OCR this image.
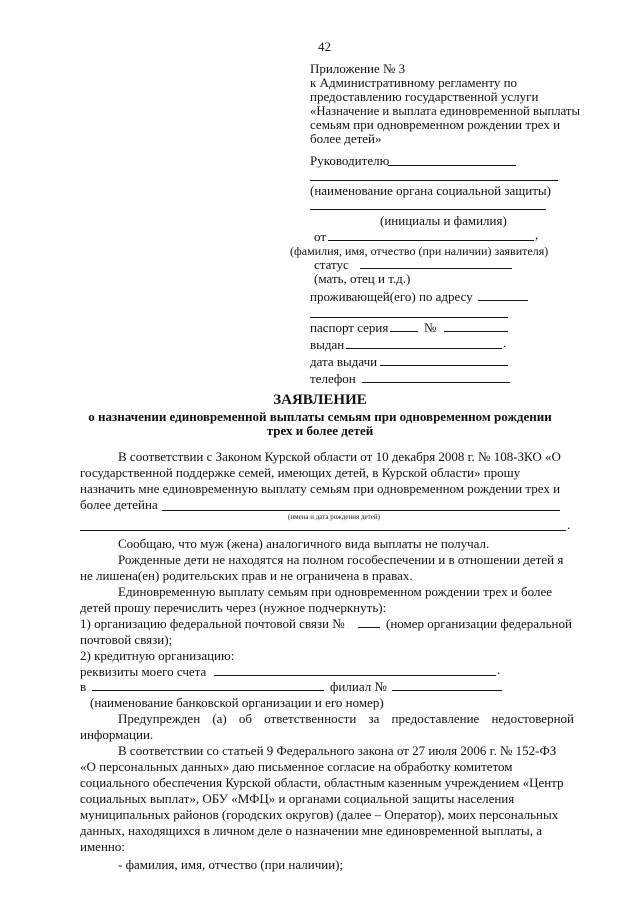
42
Приложение № 3
к Административному регламенту по
предоставлению государственной услуги
«Назначение и выплата единовременной выплаты
семьям при одновременном рождении трех и
более детей»
Руководителю
(наименование органа социальной защиты)
(инициалы и фамилия)
от	,
(фамилия, имя, отчество (при наличии) заявителя)
статус
(мать, отец и т.д.)
проживающей(его) по адресу
паспорт серия	№
выдан	.
дата выдачи
телефон
ЗАЯВЛЕНИЕ
о назначении единовременной выплаты семьям при одновременном рождении
трех и более детей
В соответствии с Законом Курской области от 10 декабря 2008 г. № 108-ЗКО «О
государственной поддержке семей, имеющих детей, в Курской области» прошу
назначить мне единовременную выплату семьям при одновременном рождении трех и
более детейна
(имена и дата рождения детей)	.
Сообщаю, что муж (жена) аналогичного вида выплаты не получал.
Рожденные дети не находятся на полном гособеспечении и в отношении детей я
не лишена(ен) родительских прав и не ограничена в правах.
Единовременную выплату семьям при одновременном рождении трех и более
детей прошу перечислить через (нужное подчеркнуть):
1) организацию федеральной почтовой связи №	(номер организации федеральной
почтовой связи);
2) кредитную организацию:
реквизиты моего счета	.
в	филиал №
(наименование банковской организации и его номер)
Предупрежден (а) об ответственности за предоставление недостоверной
информации.
В соответствии со статьей 9 Федерального закона от 27 июля 2006 г. № 152-ФЗ
«О персональных данных» даю письменное согласие на обработку комитетом
социального обеспечения Курской области, областным казенным учреждением «Центр
социальных выплат», ОБУ «МФЦ» и органами социальной защиты населения
муниципальных районов (городских округов) (далее – Оператор), моих персональных
данных, находящихся в личном деле о назначении мне единовременной выплаты, а
именно:
- фамилия, имя, отчество (при наличии);
